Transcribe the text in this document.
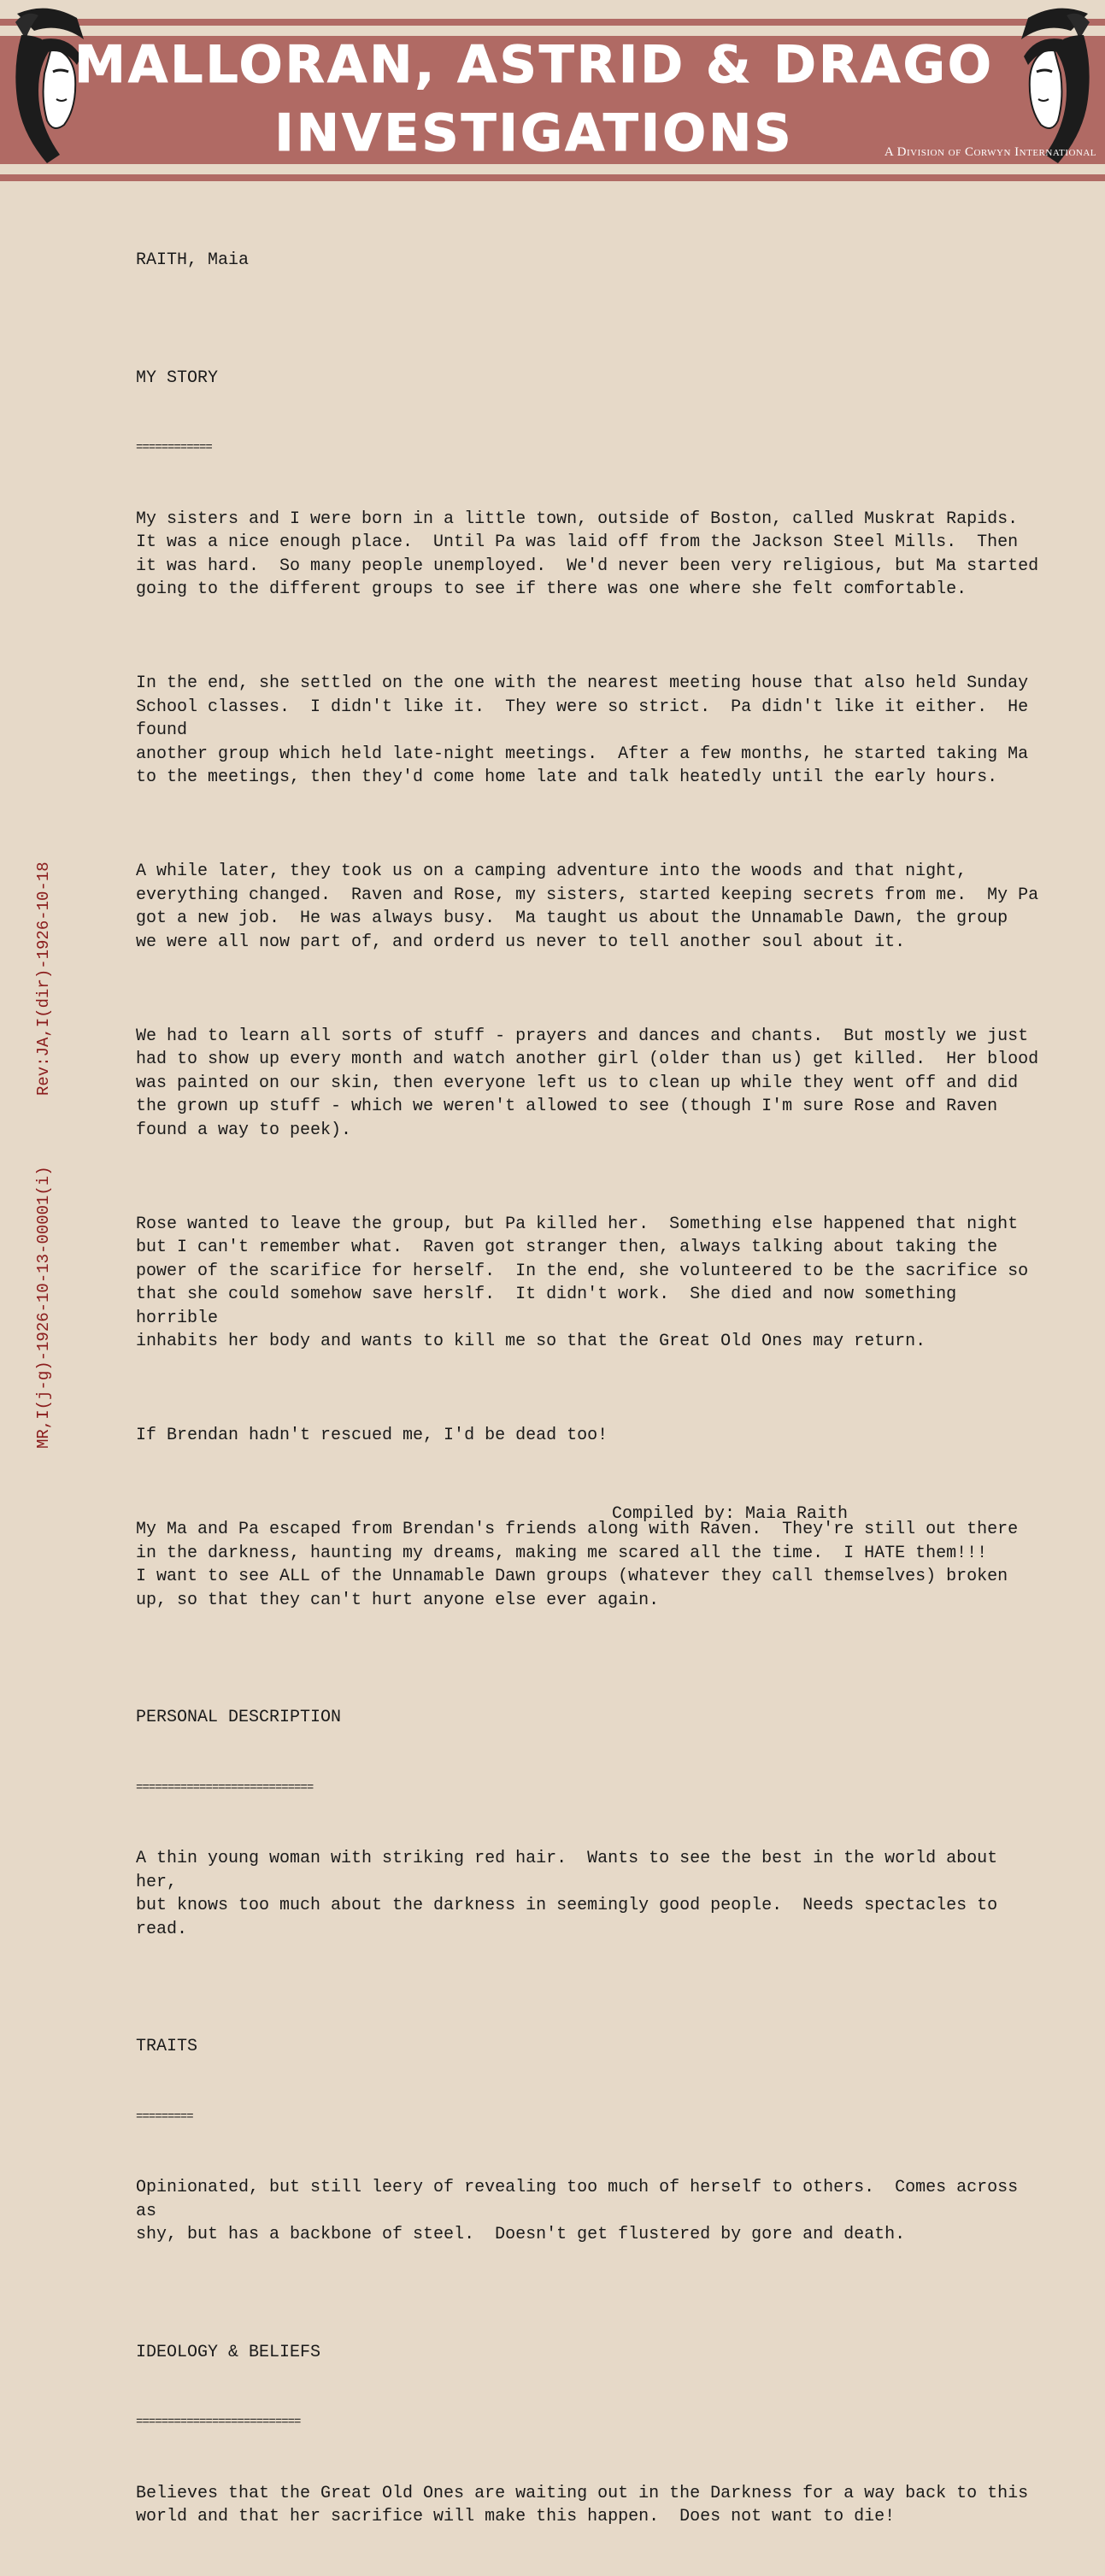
MALLORAN, ASTRID & DRAGO
INVESTIGATIONS	A Division of Corwyn International
Rev:JA,I(dir)-1926-10-18
MR,I(j-g)-1926-10-13-00001(i)

RAITH, Maia

MY STORY

============

My sisters and I were born in a little town, outside of Boston, called Muskrat Rapids.
It was a nice enough place.  Until Pa was laid off from the Jackson Steel Mills.  Then
it was hard.  So many people unemployed.  We'd never been very religious, but Ma started
going to the different groups to see if there was one where she felt comfortable.

In the end, she settled on the one with the nearest meeting house that also held Sunday
School classes.  I didn't like it.  They were so strict.  Pa didn't like it either.  He found
another group which held late-night meetings.  After a few months, he started taking Ma
to the meetings, then they'd come home late and talk heatedly until the early hours.

A while later, they took us on a camping adventure into the woods and that night,
everything changed.  Raven and Rose, my sisters, started keeping secrets from me.  My Pa
got a new job.  He was always busy.  Ma taught us about the Unnamable Dawn, the group
we were all now part of, and orderd us never to tell another soul about it.

We had to learn all sorts of stuff - prayers and dances and chants.  But mostly we just
had to show up every month and watch another girl (older than us) get killed.  Her blood
was painted on our skin, then everyone left us to clean up while they went off and did
the grown up stuff - which we weren't allowed to see (though I'm sure Rose and Raven
found a way to peek).

Rose wanted to leave the group, but Pa killed her.  Something else happened that night
but I can't remember what.  Raven got stranger then, always talking about taking the
power of the scarifice for herself.  In the end, she volunteered to be the sacrifice so
that she could somehow save herslf.  It didn't work.  She died and now something horrible
inhabits her body and wants to kill me so that the Great Old Ones may return.

If Brendan hadn't rescued me, I'd be dead too!

My Ma and Pa escaped from Brendan's friends along with Raven.  They're still out there
in the darkness, haunting my dreams, making me scared all the time.  I HATE them!!!
I want to see ALL of the Unnamable Dawn groups (whatever they call themselves) broken
up, so that they can't hurt anyone else ever again.

PERSONAL DESCRIPTION

============================

A thin young woman with striking red hair.  Wants to see the best in the world about her,
but knows too much about the darkness in seemingly good people.  Needs spectacles to read.

TRAITS

=========

Opinionated, but still leery of revealing too much of herself to others.  Comes across as
shy, but has a backbone of steel.  Doesn't get flustered by gore and death.

IDEOLOGY & BELIEFS

==========================

Believes that the Great Old Ones are waiting out in the Darkness for a way back to this
world and that her sacrifice will make this happen.  Does not want to die!

Compiled by: Maia Raith
